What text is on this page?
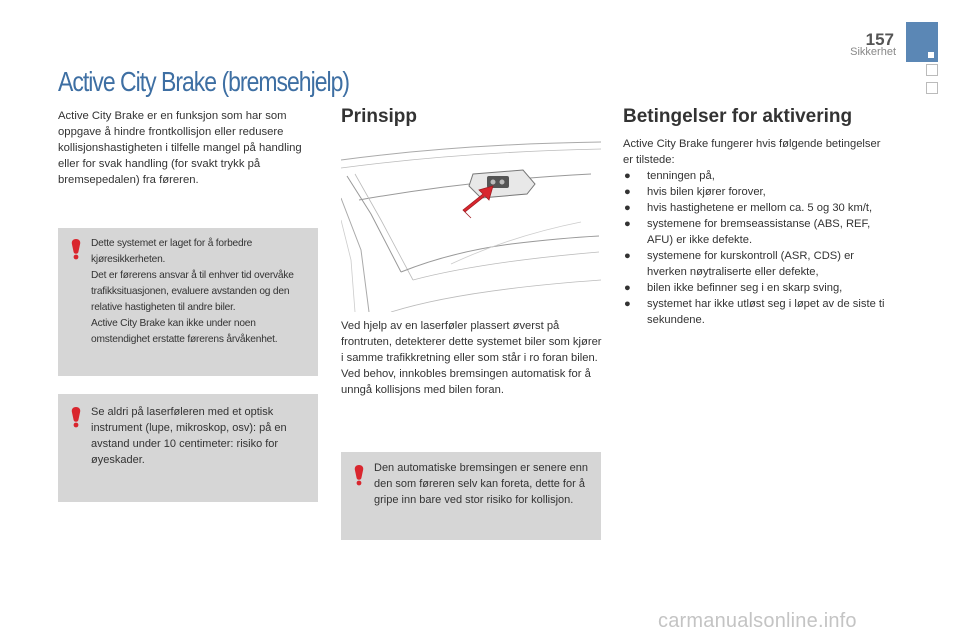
157
Sikkerhet
Active City Brake (bremsehjelp)

Active City Brake er en funksjon som har som oppgave å hindre frontkollisjon eller redusere kollisjonshastigheten i tilfelle mangel på handling eller for svak handling (for svakt trykk på bremsepedalen) fra føreren.

Dette systemet er laget for å forbedre kjøresikkerheten.
Det er førerens ansvar å til enhver tid overvåke trafikksituasjonen, evaluere avstanden og den relative hastigheten til andre biler.
Active City Brake kan ikke under noen omstendighet erstatte førerens årvåkenhet.
Se aldri på laserføleren med et optisk instrument (lupe, mikroskop, osv): på en avstand under 10 centimeter: risiko for øyeskader.
Prinsipp

Ved hjelp av en laserføler plassert øverst på frontruten, detekterer dette systemet biler som kjører i samme trafikkretning eller som står i ro foran bilen.

Ved behov, innkobles bremsingen automatisk for å unngå kollisjons med bilen foran.

Den automatiske bremsingen er senere enn den som føreren selv kan foreta, dette for å gripe inn bare ved stor risiko for kollisjon.
Betingelser for aktivering

Active City Brake fungerer hvis følgende betingelser er tilstede:

● tenningen på,
● hvis bilen kjører forover,
● hvis hastighetene er mellom ca. 5 og 30 km/t,
● systemene for bremseassistanse (ABS, REF, AFU) er ikke defekte.
● systemene for kurskontroll (ASR, CDS) er hverken nøytraliserte eller defekte,
● bilen ikke befinner seg i en skarp sving,
● systemet har ikke utløst seg i løpet av de siste ti sekundene.
carmanualsonline.info
